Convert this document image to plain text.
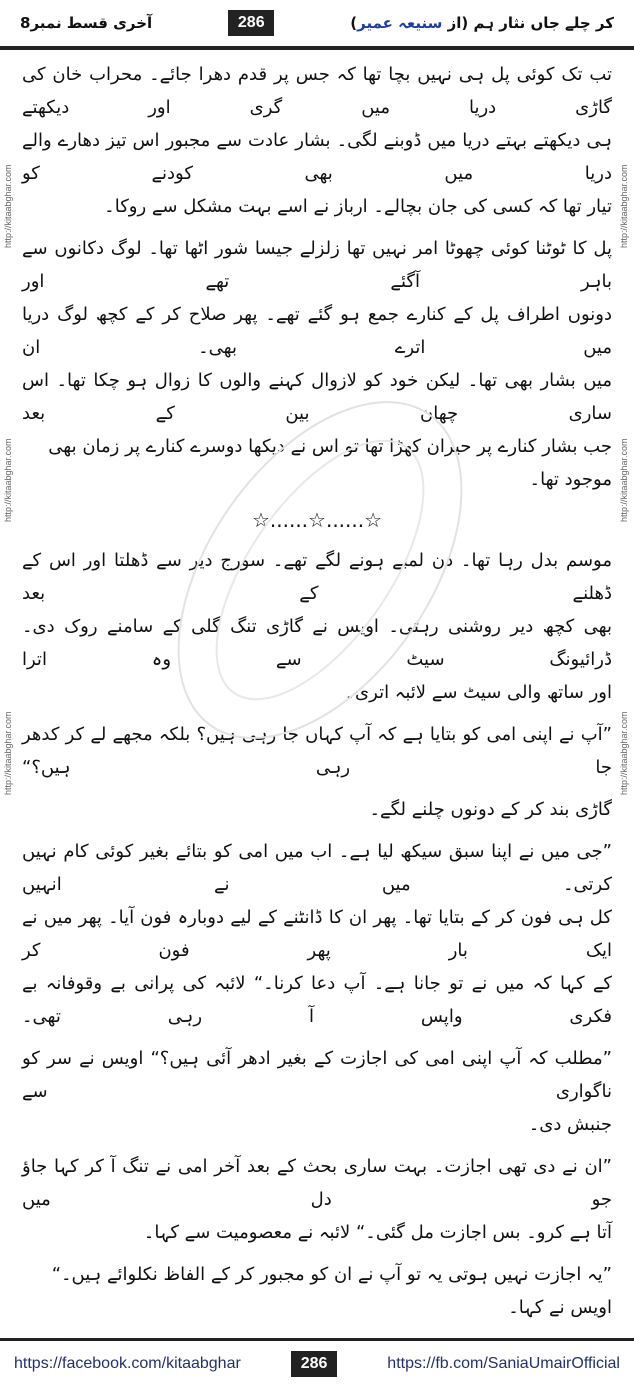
آخری قسط نمبر8	286	کر چلے جاں نثار ہم (از سنیعہ عمیر)
تب تک کوئی پل ہی نہیں بچا تھا کہ جس پر قدم دھرا جائے۔ محراب خان کی گاڑی دریا میں گری اور دیکھتے
ہی دیکھتے بہتے دریا میں ڈوبنے لگی۔ بشار عادت سے مجبور اس تیز دھارے والے دریا میں بھی کودنے کو
تیار تھا کہ کسی کی جان بچالے۔ ارباز نے اسے بہت مشکل سے روکا۔
پل کا ٹوٹنا کوئی چھوٹا امر نہیں تھا زلزلے جیسا شور اٹھا تھا۔ لوگ دکانوں سے باہر آگئے تھے اور
دونوں اطراف پل کے کنارے جمع ہو گئے تھے۔ پھر صلاح کر کے کچھ لوگ دریا میں اترے بھی۔ ان
میں بشار بھی تھا۔ لیکن خود کو لازوال کہنے والوں کا زوال ہو چکا تھا۔ اس ساری چھان بین کے بعد
جب بشار کنارے پر حیران کھڑا تھا تو اس نے دیکھا دوسرے کنارے پر زمان بھی موجود تھا۔
☆......☆......☆
موسم بدل رہا تھا۔ دن لمبے ہونے لگے تھے۔ سورج دیر سے ڈھلتا اور اس کے ڈھلنے کے بعد
بھی کچھ دیر روشنی رہتی۔ اویس نے گاڑی تنگ گلی کے سامنے روک دی۔ ڈرائیونگ سیٹ سے وہ اترا
اور ساتھ والی سیٹ سے لائبہ اتری۔
”آپ نے اپنی امی کو بتایا ہے کہ آپ کہاں جا رہی ہیں؟ بلکہ مجھے لے کر کدھر جا رہی ہیں؟“
گاڑی بند کر کے دونوں چلنے لگے۔
”جی میں نے اپنا سبق سیکھ لیا ہے۔ اب میں امی کو بتائے بغیر کوئی کام نہیں کرتی۔ میں نے انہیں
کل ہی فون کر کے بتایا تھا۔ پھر ان کا ڈانٹنے کے لیے دوبارہ فون آیا۔ پھر میں نے ایک بار پھر فون کر
کے کہا کہ میں نے تو جانا ہے۔ آپ دعا کرنا۔“ لائبہ کی پرانی بے وقوفانہ بے فکری واپس آ رہی تھی۔
”مطلب کہ آپ اپنی امی کی اجازت کے بغیر ادھر آئی ہیں؟“ اویس نے سر کو ناگواری سے
جنبش دی۔
”ان نے دی تھی اجازت۔ بہت ساری بحث کے بعد آخر امی نے تنگ آ کر کہا جاؤ جو دل میں
آتا ہے کرو۔ بس اجازت مل گئی۔“ لائبہ نے معصومیت سے کہا۔
”یہ اجازت نہیں ہوتی یہ تو آپ نے ان کو مجبور کر کے الفاظ نکلوائے ہیں۔“ اویس نے کہا۔
http://kitaabghar.com
http://kitaabghar.com
http://kitaabghar.com
http://kitaabghar.com
http://kitaabghar.com
http://kitaabghar.com
https://facebook.com/kitaabghar	286	https://fb.com/SaniaUmairOfficial
